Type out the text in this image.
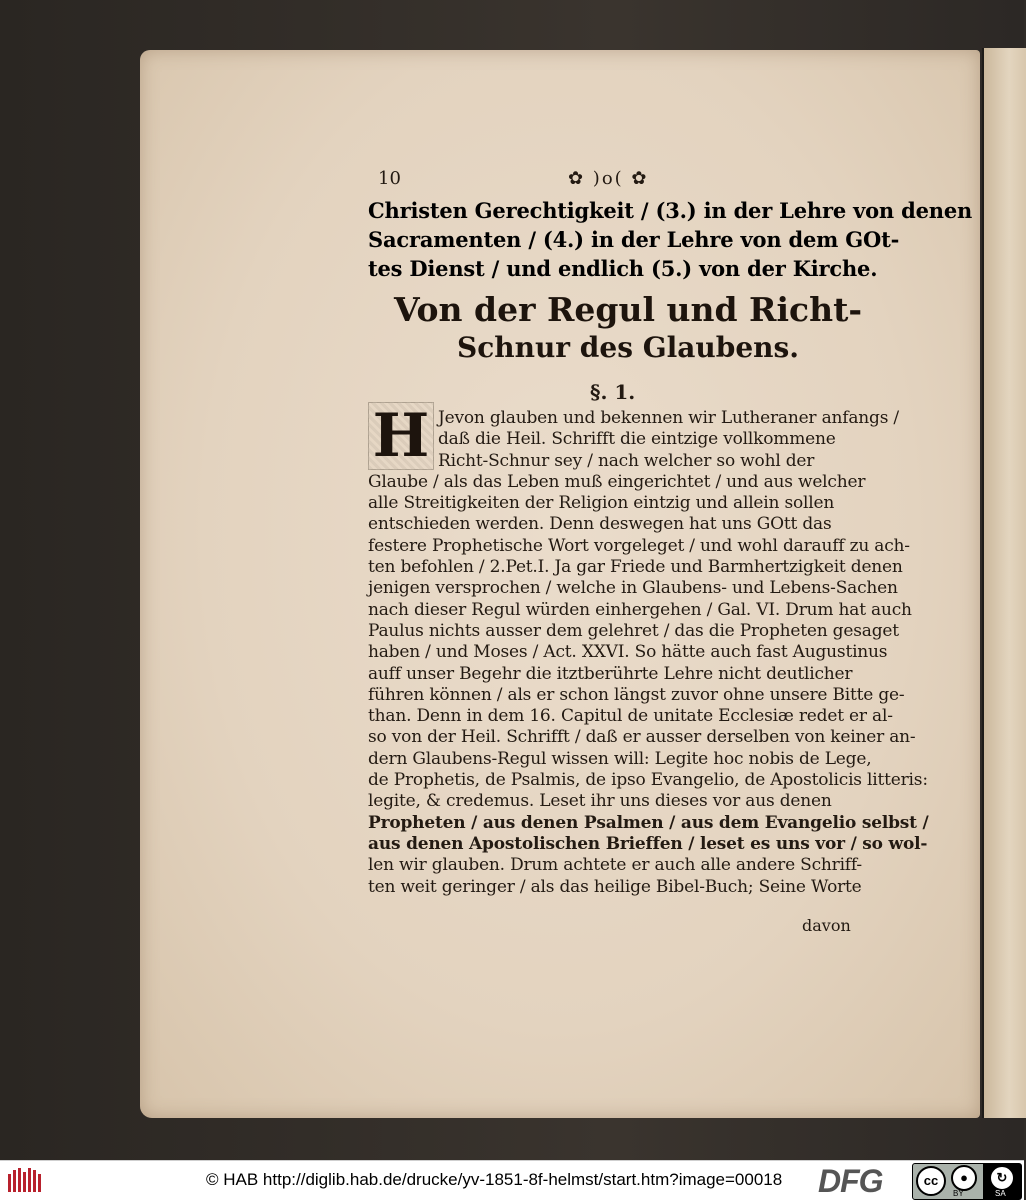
10	✿ )o( ✿
Christen Gerechtigkeit / (3.) in der Lehre von denen
Sacramenten / (4.) in der Lehre von dem GOt-
tes Dienst / und endlich (5.) von der Kirche.
Von der Regul und Richt-
Schnur des Glaubens.
§. 1.
H Jevon glauben und bekennen wir Lutheraner anfangs /
daß die Heil. Schrifft die eintzige vollkommene
Richt-Schnur sey / nach welcher so wohl der
Glaube / als das Leben muß eingerichtet / und aus welcher
alle Streitigkeiten der Religion eintzig und allein sollen
entschieden werden. Denn deswegen hat uns GOtt das
festere Prophetische Wort vorgeleget / und wohl darauff zu ach-
ten befohlen / 2.Pet.I. Ja gar Friede und Barmhertzigkeit denen
jenigen versprochen / welche in Glaubens- und Lebens-Sachen
nach dieser Regul würden einhergehen / Gal. VI. Drum hat auch
Paulus nichts ausser dem gelehret / das die Propheten gesaget
haben / und Moses / Act. XXVI. So hätte auch fast Augustinus
auff unser Begehr die itztberührte Lehre nicht deutlicher
führen können / als er schon längst zuvor ohne unsere Bitte ge-
than. Denn in dem 16. Capitul de unitate Ecclesiæ redet er al-
so von der Heil. Schrifft / daß er ausser derselben von keiner an-
dern Glaubens-Regul wissen will: Legite hoc nobis de Lege,
de Prophetis, de Psalmis, de ipso Evangelio, de Apostolicis litteris:
legite, & credemus. Leset ihr uns dieses vor aus denen
Propheten / aus denen Psalmen / aus dem Evangelio selbst /
aus denen Apostolischen Brieffen / leset es uns vor / so wol-
len wir glauben. Drum achtete er auch alle andere Schriff-
ten weit geringer / als das heilige Bibel-Buch; Seine Worte
davon
© HAB http://diglib.hab.de/drucke/yv-1851-8f-helmst/start.htm?image=00018 DFG	cc	●
BY
↻
SA
